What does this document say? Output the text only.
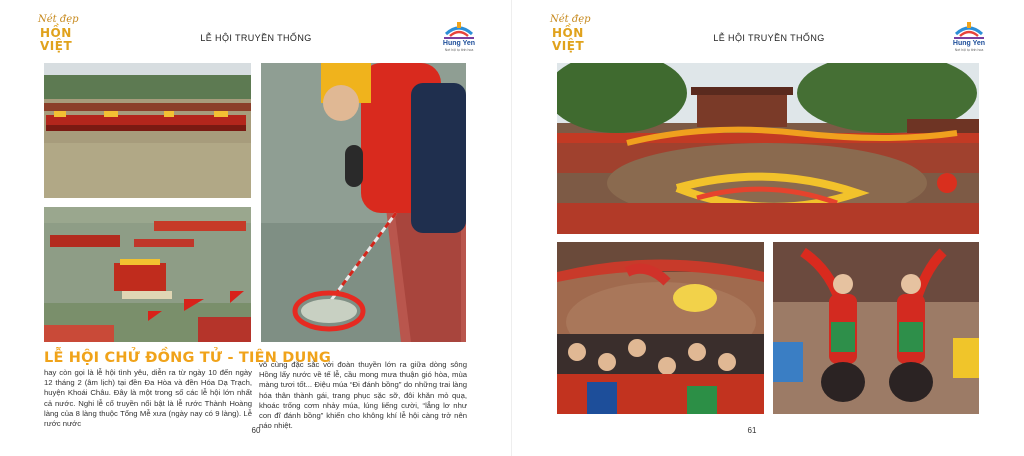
Nét đẹp
HỒN
VIỆT
LỄ HỘI TRUYỀN THỐNG
Hung Yen
Nơi hội tụ tinh hoa
LỄ HỘI CHỬ ĐỒNG TỬ - TIÊN DUNG
hay còn gọi là lễ hội tình yêu, diễn ra từ ngày 10 đến ngày 12 tháng 2 (âm lịch) tại đền Đa Hòa và đền Hóa Dạ Trạch, huyện Khoái Châu. Đây là một trong số các lễ hội lớn nhất cả nước. Nghi lễ cổ truyền nổi bật là lễ rước Thành Hoàng làng của 8 làng thuộc Tổng Mễ xưa (ngày nay có 9 làng). Lễ rước nước
vô cùng đặc sắc với đoàn thuyền lớn ra giữa dòng sông Hồng lấy nước về tế lễ, cầu mong mưa thuận gió hòa, mùa màng tươi tốt... Điệu múa “Đi đánh bồng” do những trai làng hóa thân thành gái, trang phục sặc sỡ, đôi khăn mỏ quạ, khoác trống cơm nhảy múa, lúng liếng cười, “lẳng lơ như con đĩ đánh bồng” khiến cho không khí lễ hội càng trở nên náo nhiệt.
60
Nét đẹp
HỒN
VIỆT
LỄ HỘI TRUYỀN THỐNG
Hung Yen
Nơi hội tụ tinh hoa
61
